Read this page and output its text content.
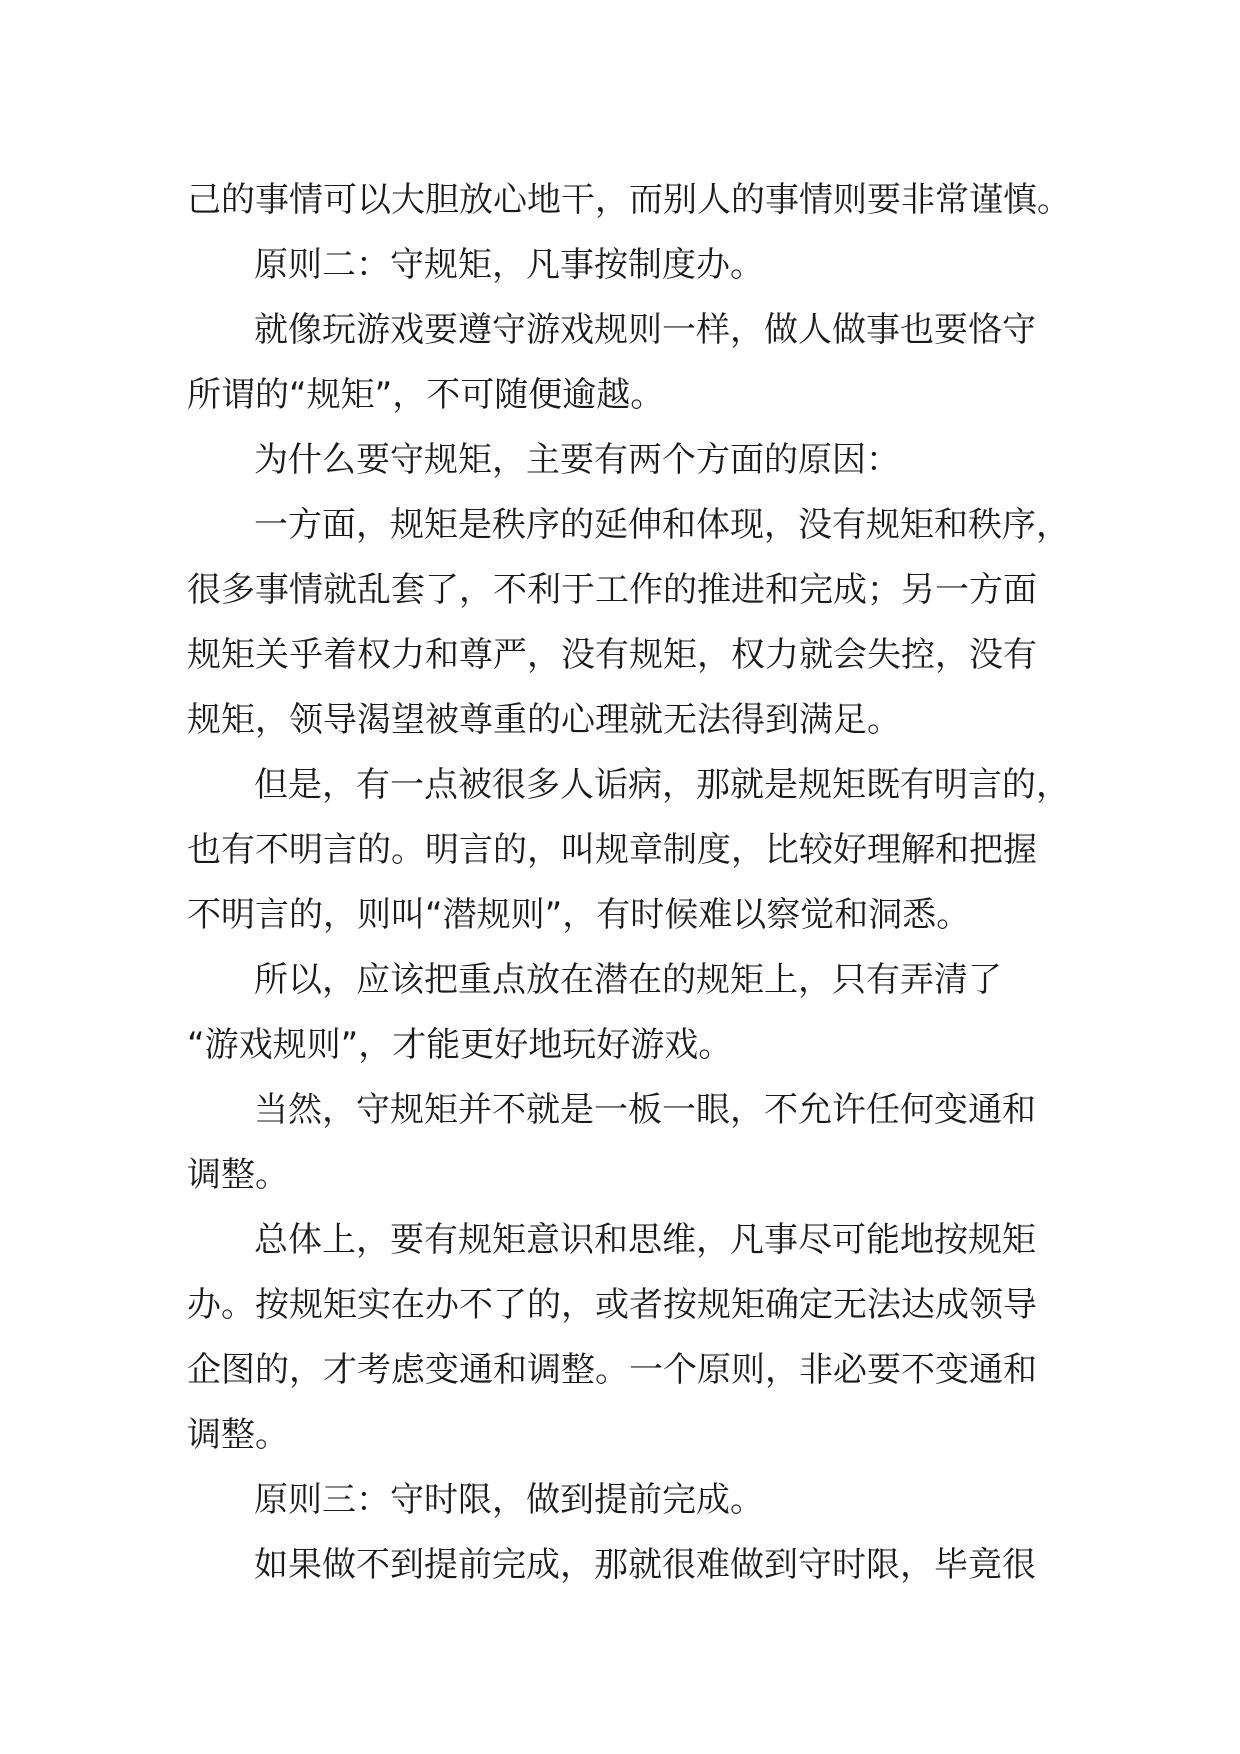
己的事情可以大胆放心地干，而别人的事情则要非常谨慎。
原则二：守规矩，凡事按制度办。
就像玩游戏要遵守游戏规则一样，做人做事也要恪守
所谓的“规矩”，不可随便逾越。
为什么要守规矩，主要有两个方面的原因：
一方面，规矩是秩序的延伸和体现，没有规矩和秩序，
很多事情就乱套了，不利于工作的推进和完成；另一方面
规矩关乎着权力和尊严，没有规矩，权力就会失控，没有
规矩，领导渴望被尊重的心理就无法得到满足。
但是，有一点被很多人诟病，那就是规矩既有明言的，
也有不明言的。明言的，叫规章制度，比较好理解和把握
不明言的，则叫“潜规则”，有时候难以察觉和洞悉。
所以，应该把重点放在潜在的规矩上，只有弄清了
“游戏规则”，才能更好地玩好游戏。
当然，守规矩并不就是一板一眼，不允许任何变通和
调整。
总体上，要有规矩意识和思维，凡事尽可能地按规矩
办。按规矩实在办不了的，或者按规矩确定无法达成领导
企图的，才考虑变通和调整。一个原则，非必要不变通和
调整。
原则三：守时限，做到提前完成。
如果做不到提前完成，那就很难做到守时限，毕竟很
